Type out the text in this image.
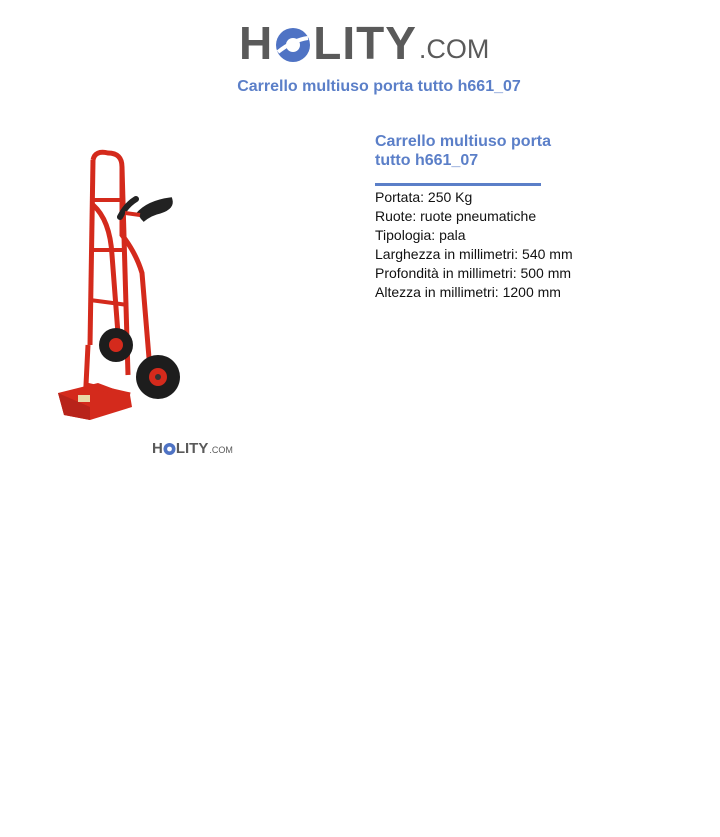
H LITY .COM
Carrello multiuso porta tutto h661_07
H LITY .COM
Carrello multiuso porta tutto h661_07
Portata: 250 Kg
Ruote: ruote pneumatiche
Tipologia: pala
Larghezza in millimetri: 540 mm
Profondità in millimetri: 500 mm
Altezza in millimetri: 1200 mm
